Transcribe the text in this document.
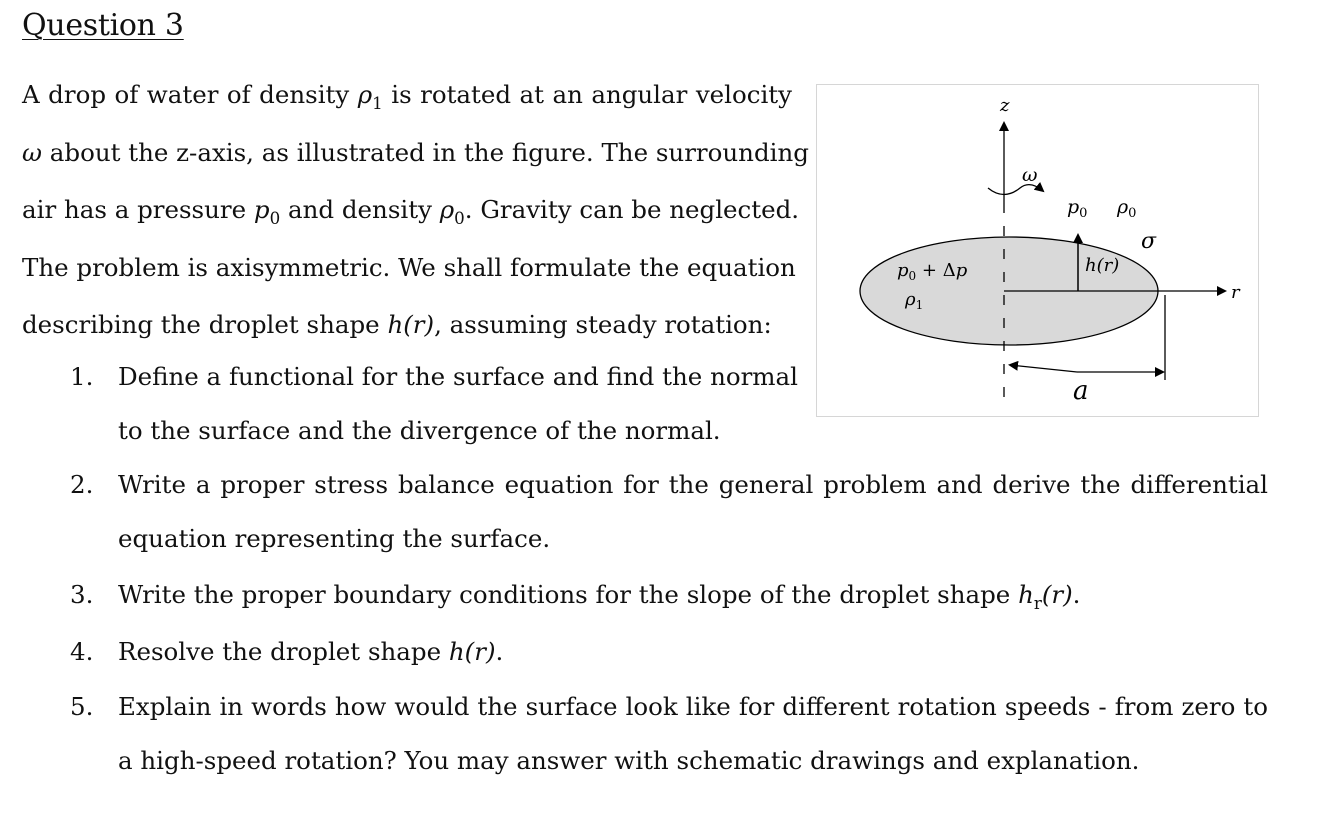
Question 3
A drop of water of density $\rho_1$ is rotated at an angular velocity
ω about the z-axis, as illustrated in the figure. The surrounding
air has a pressure $p_0$ and density $\rho_0$. Gravity can be neglected.
The problem is axisymmetric. We shall formulate the equation
describing the droplet shape h(r), assuming steady rotation:
1. Define a functional for the surface and find the normal
to the surface and the divergence of the normal.
2. Write a proper stress balance equation for the general problem and derive the differential
equation representing the surface.
3. Write the proper boundary conditions for the slope of the droplet shape $h_r(r)$.
4. Resolve the droplet shape h(r).
5. Explain in words how would the surface look like for different rotation speeds - from zero to
a high-speed rotation? You may answer with schematic drawings and explanation.
z
ω
$p_0$ $\rho_0$
σ
h(r)
r
$p_0 + \Delta p$
$\rho_1$
a
